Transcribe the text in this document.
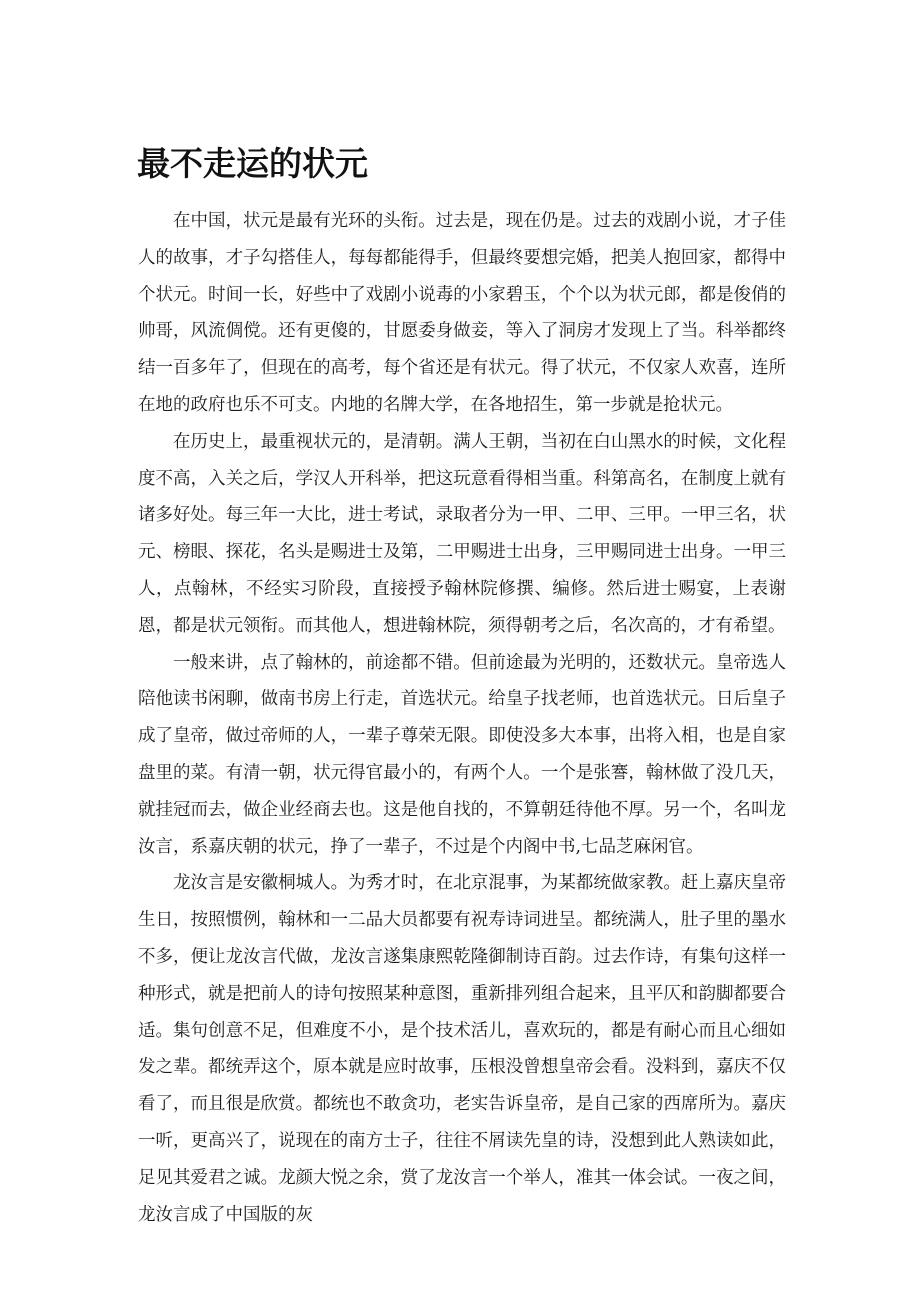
最不走运的状元

在中国，状元是最有光环的头衔。过去是，现在仍是。过去的戏剧小说，才子佳人的故事，才子勾搭佳人，每每都能得手，但最终要想完婚，把美人抱回家，都得中个状元。时间一长，好些中了戏剧小说毒的小家碧玉，个个以为状元郎，都是俊俏的帅哥，风流倜傥。还有更傻的，甘愿委身做妾，等入了洞房才发现上了当。科举都终结一百多年了，但现在的高考，每个省还是有状元。得了状元，不仅家人欢喜，连所在地的政府也乐不可支。内地的名牌大学，在各地招生，第一步就是抢状元。

在历史上，最重视状元的，是清朝。满人王朝，当初在白山黑水的时候，文化程度不高，入关之后，学汉人开科举，把这玩意看得相当重。科第高名，在制度上就有诸多好处。每三年一大比，进士考试，录取者分为一甲、二甲、三甲。一甲三名，状元、榜眼、探花，名头是赐进士及第，二甲赐进士出身，三甲赐同进士出身。一甲三人，点翰林，不经实习阶段，直接授予翰林院修撰、编修。然后进士赐宴，上表谢恩，都是状元领衔。而其他人，想进翰林院，须得朝考之后，名次高的，才有希望。

一般来讲，点了翰林的，前途都不错。但前途最为光明的，还数状元。皇帝选人陪他读书闲聊，做南书房上行走，首选状元。给皇子找老师，也首选状元。日后皇子成了皇帝，做过帝师的人，一辈子尊荣无限。即使没多大本事，出将入相，也是自家盘里的菜。有清一朝，状元得官最小的，有两个人。一个是张謇，翰林做了没几天，就挂冠而去，做企业经商去也。这是他自找的，不算朝廷待他不厚。另一个，名叫龙汝言，系嘉庆朝的状元，挣了一辈子，不过是个内阁中书,七品芝麻闲官。

龙汝言是安徽桐城人。为秀才时，在北京混事，为某都统做家教。赶上嘉庆皇帝生日，按照惯例，翰林和一二品大员都要有祝寿诗词进呈。都统满人，肚子里的墨水不多，便让龙汝言代做，龙汝言遂集康熙乾隆御制诗百韵。过去作诗，有集句这样一种形式，就是把前人的诗句按照某种意图，重新排列组合起来，且平仄和韵脚都要合适。集句创意不足，但难度不小，是个技术活儿，喜欢玩的，都是有耐心而且心细如发之辈。都统弄这个，原本就是应时故事，压根没曾想皇帝会看。没料到，嘉庆不仅看了，而且很是欣赏。都统也不敢贪功，老实告诉皇帝，是自己家的西席所为。嘉庆一听，更高兴了，说现在的南方士子，往往不屑读先皇的诗，没想到此人熟读如此，足见其爱君之诚。龙颜大悦之余，赏了龙汝言一个举人，准其一体会试。一夜之间，龙汝言成了中国版的灰
